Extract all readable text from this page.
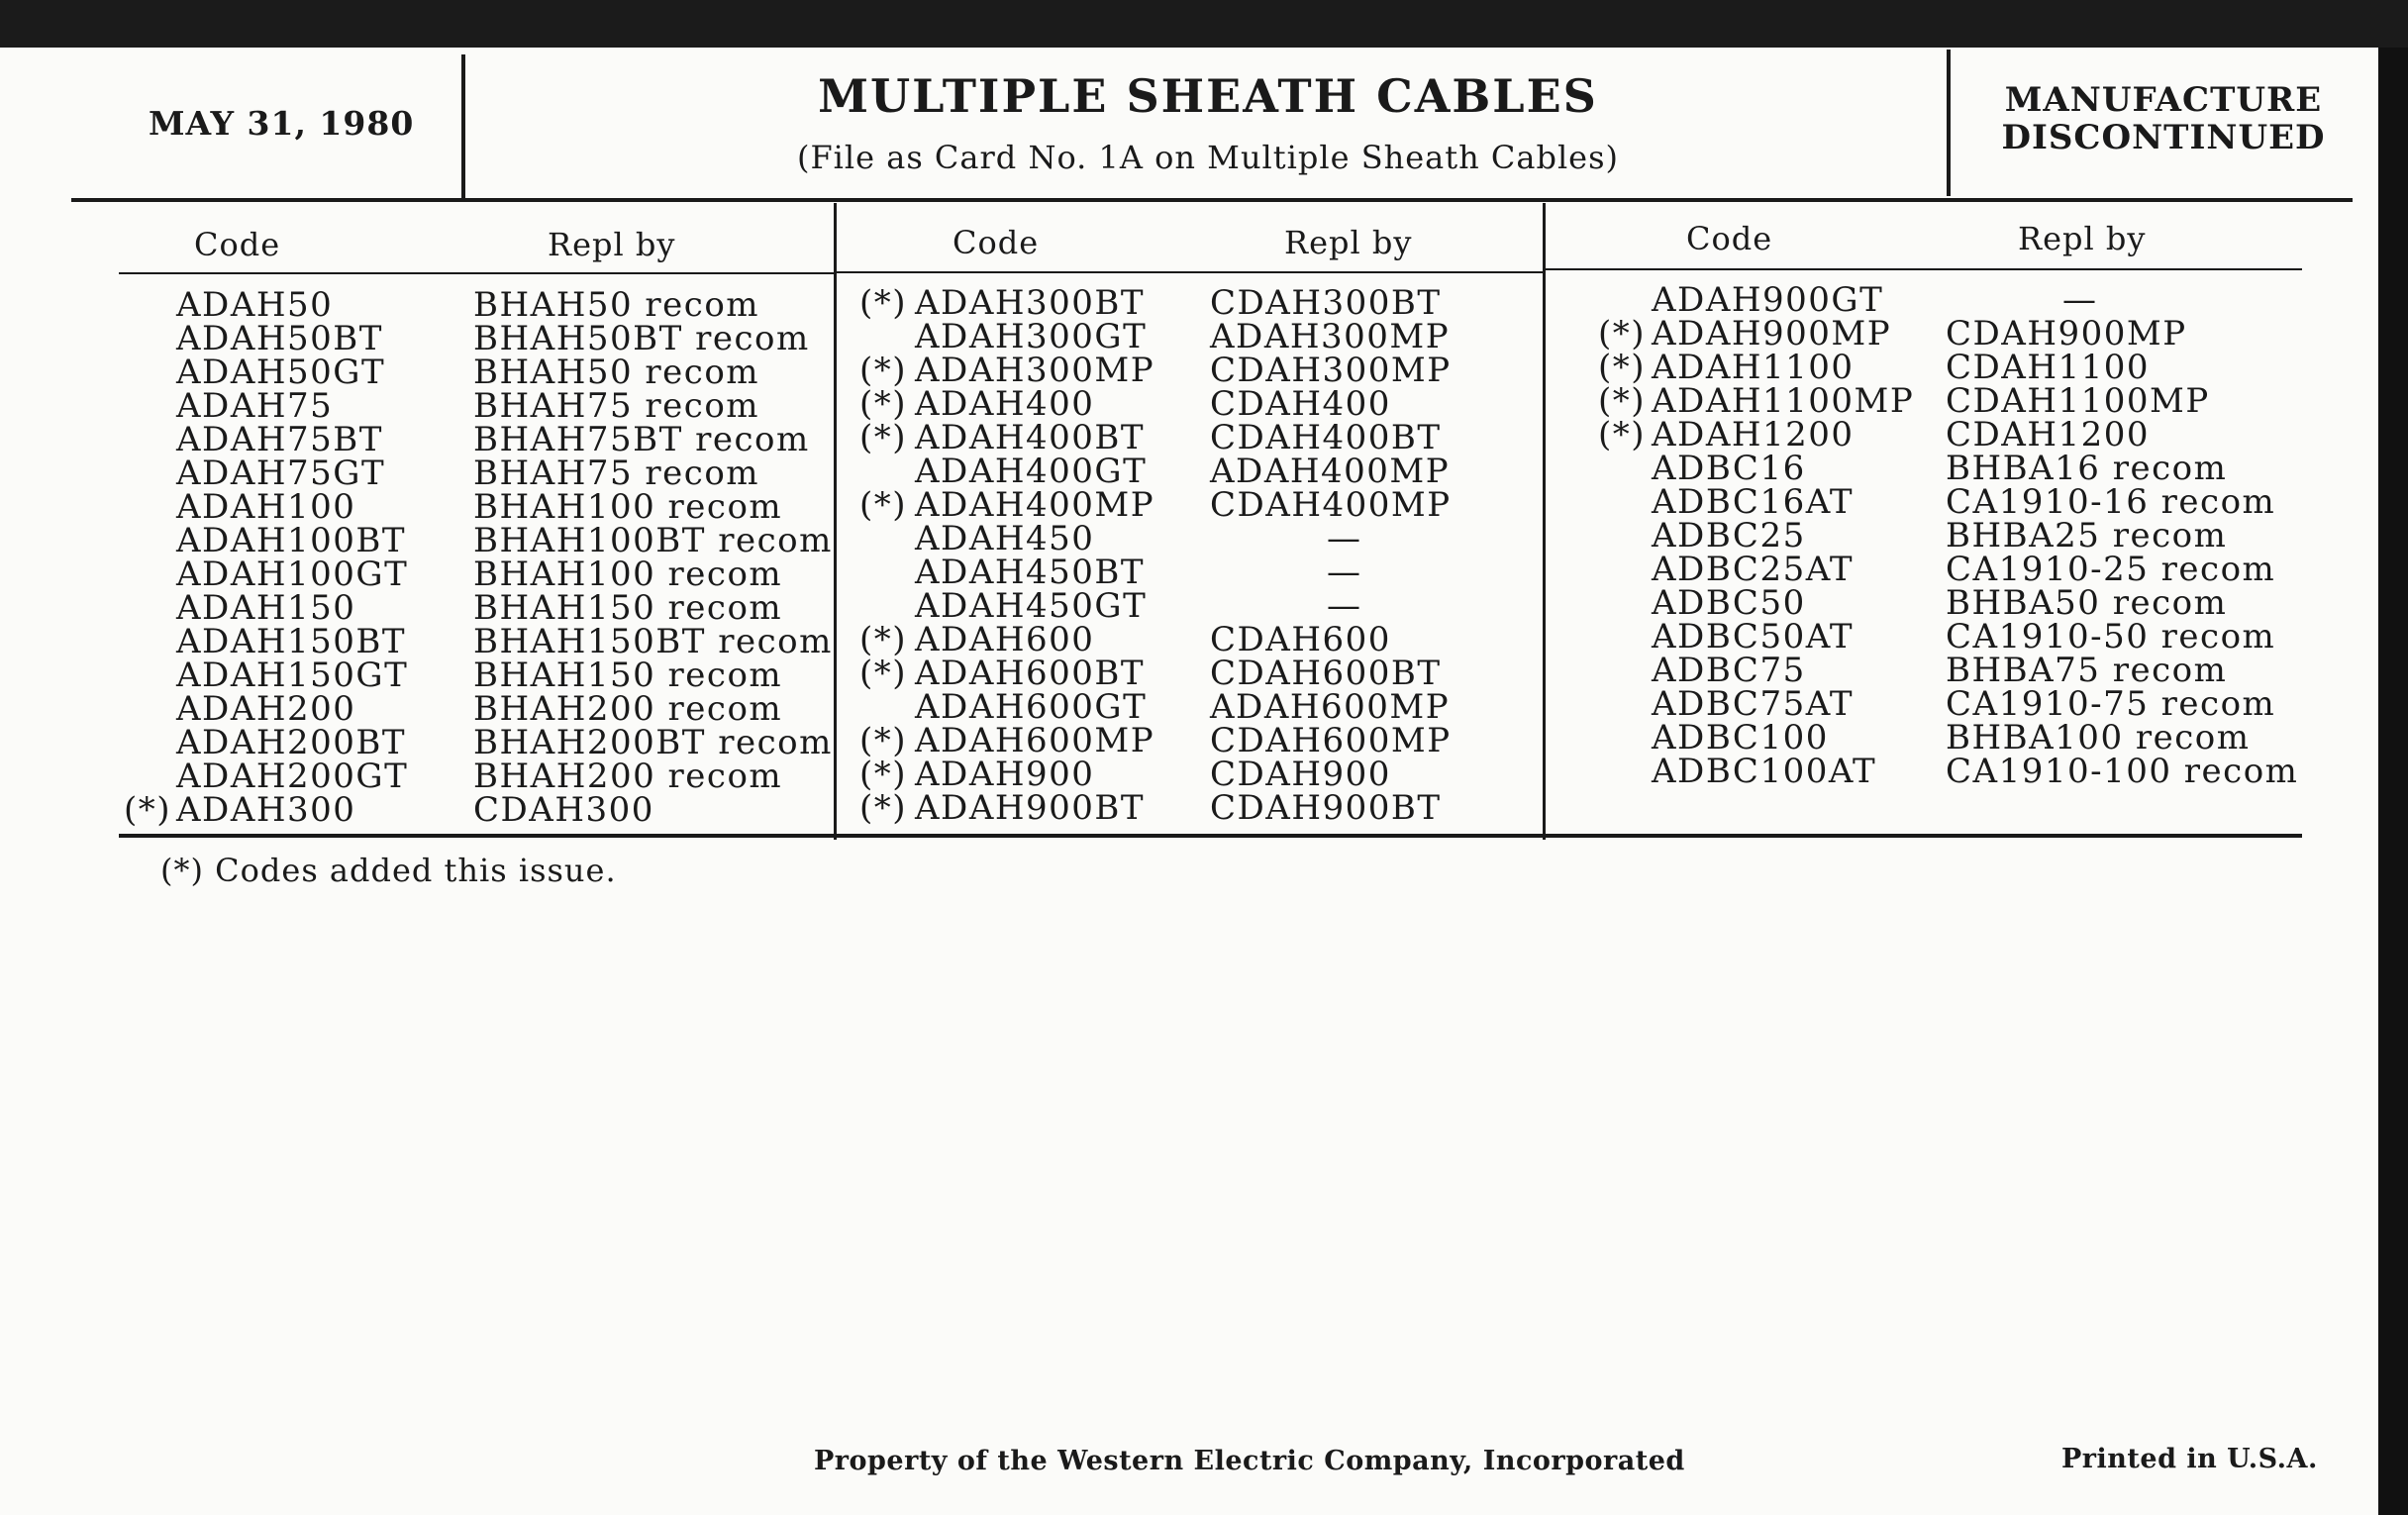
MAY 31, 1980
MULTIPLE SHEATH CABLES
(File as Card No. 1A on Multiple Sheath Cables)
MANUFACTURE
DISCONTINUED
Code	Repl by
ADAH50	BHAH50 recom
ADAH50BT	BHAH50BT recom
ADAH50GT	BHAH50 recom
ADAH75	BHAH75 recom
ADAH75BT	BHAH75BT recom
ADAH75GT	BHAH75 recom
ADAH100	BHAH100 recom
ADAH100BT BHAH100BT recom
ADAH100GT BHAH100 recom
ADAH150	BHAH150 recom
ADAH150BT BHAH150BT recom
ADAH150GT BHAH150 recom
ADAH200	BHAH200 recom
ADAH200BT BHAH200BT recom
ADAH200GT BHAH200 recom
(*) ADAH300	CDAH300
Code	Repl by
(*) ADAH300BT CDAH300BT
ADAH300GT ADAH300MP
(*) ADAH300MP CDAH300MP
(*) ADAH400	CDAH400
(*) ADAH400BT CDAH400BT
ADAH400GT ADAH400MP
(*) ADAH400MP CDAH400MP
ADAH450	—
ADAH450BT	—
ADAH450GT	—
(*) ADAH600	CDAH600
(*) ADAH600BT CDAH600BT
ADAH600GT ADAH600MP
(*) ADAH600MP CDAH600MP
(*) ADAH900	CDAH900
(*) ADAH900BT CDAH900BT
Code	Repl by
ADAH900GT	—
(*) ADAH900MP CDAH900MP
(*) ADAH1100	CDAH1100
(*) ADAH1100MP CDAH1100MP
(*) ADAH1200	CDAH1200
ADBC16	BHBA16 recom
ADBC16AT	CA1910-16 recom
ADBC25	BHBA25 recom
ADBC25AT	CA1910-25 recom
ADBC50	BHBA50 recom
ADBC50AT	CA1910-50 recom
ADBC75	BHBA75 recom
ADBC75AT	CA1910-75 recom
ADBC100	BHBA100 recom
ADBC100AT CA1910-100 recom
(*) Codes added this issue.
Property of the Western Electric Company, Incorporated	Printed in U.S.A.
